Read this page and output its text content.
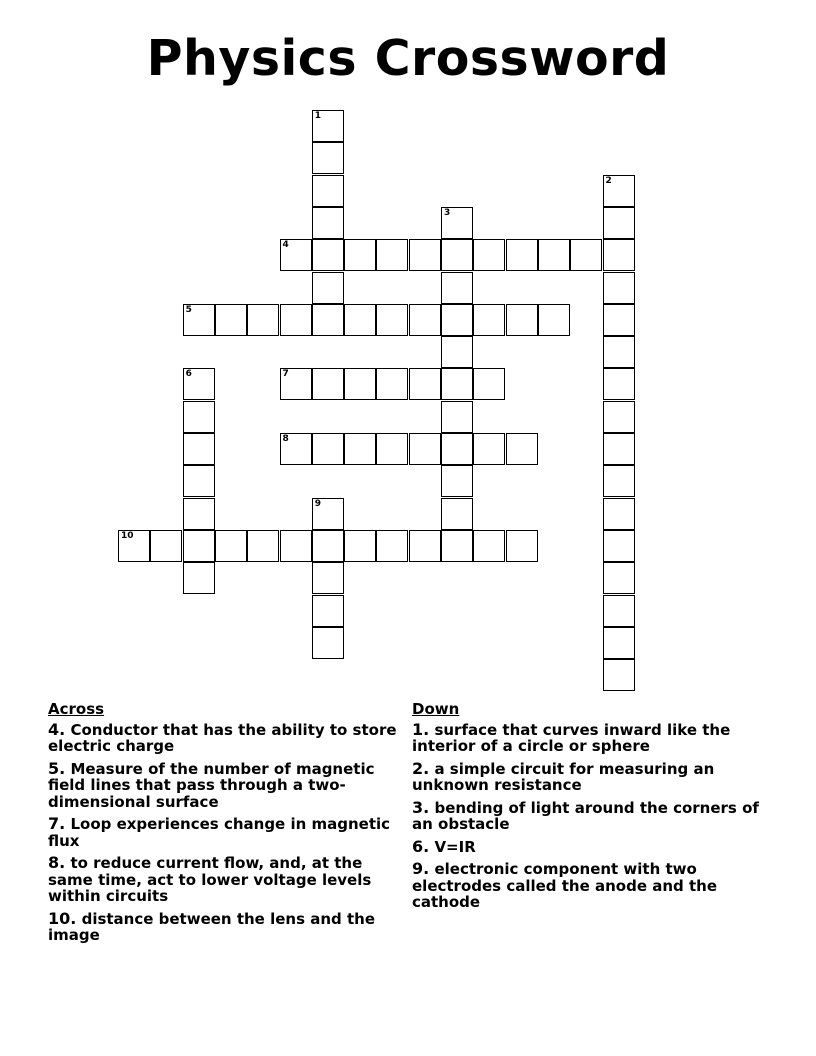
Physics Crossword
1
2
3
4
5
6	7
8
9
10
Across
4. Conductor that has the ability to store electric charge
5. Measure of the number of magnetic field lines that pass through a two-dimensional surface
7. Loop experiences change in magnetic flux
8. to reduce current flow, and, at the same time, act to lower voltage levels within circuits
10. distance between the lens and the image
Down
1. surface that curves inward like the interior of a circle or sphere
2. a simple circuit for measuring an unknown resistance
3. bending of light around the corners of an obstacle
6. V=IR
9. electronic component with two electrodes called the anode and the cathode
